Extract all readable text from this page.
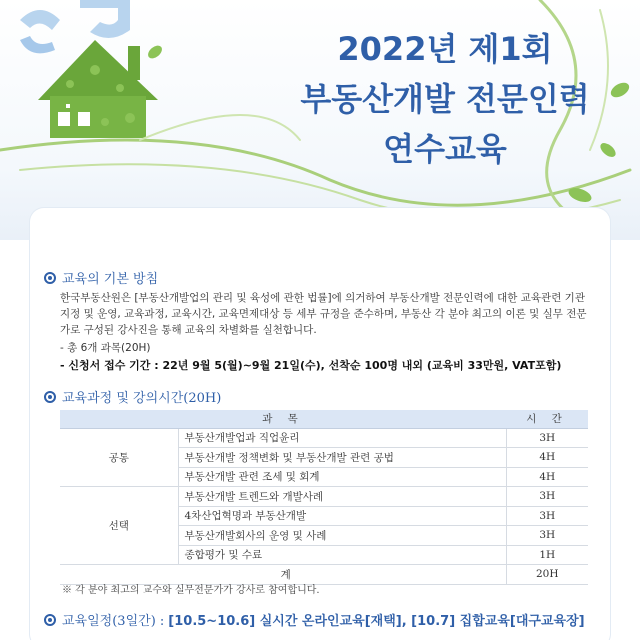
2022년 제1회
부동산개발 전문인력
연수교육
교육의 기본 방침
한국부동산원은 [부동산개발업의 관리 및 육성에 관한 법률]에 의거하여 부동산개발 전문인력에 대한 교육관련 기관지정 및 운영, 교육과정, 교육시간, 교육면제대상 등 세부 규정을 준수하며, 부동산 각 분야 최고의 이론 및 실무 전문가로 구성된 강사진을 통해 교육의 차별화를 실천합니다.
- 총 6개 과목(20H)
- 신청서 접수 기간 : 22년 9월 5(월)~9월 21일(수), 선착순 100명 내외 (교육비 33만원, VAT포함)
교육과정 및 강의시간(20H)
과 목		시 간
공통	부동산개발업과 직업윤리	3H
	부동산개발 정책변화 및 부동산개발 관련 공법	4H
	부동산개발 관련 조세 및 회계	4H
선택	부동산개발 트렌드와 개발사례	3H
	4차산업혁명과 부동산개발	3H
	부동산개발회사의 운영 및 사례	3H
	종합평가 및 수료	1H
계		20H
※ 각 분야 최고의 교수와 실무전문가가 강사로 참여합니다.
교육일정(3일간) : [10.5~10.6] 실시간 온라인교육[재택], [10.7] 집합교육[대구교육장]
